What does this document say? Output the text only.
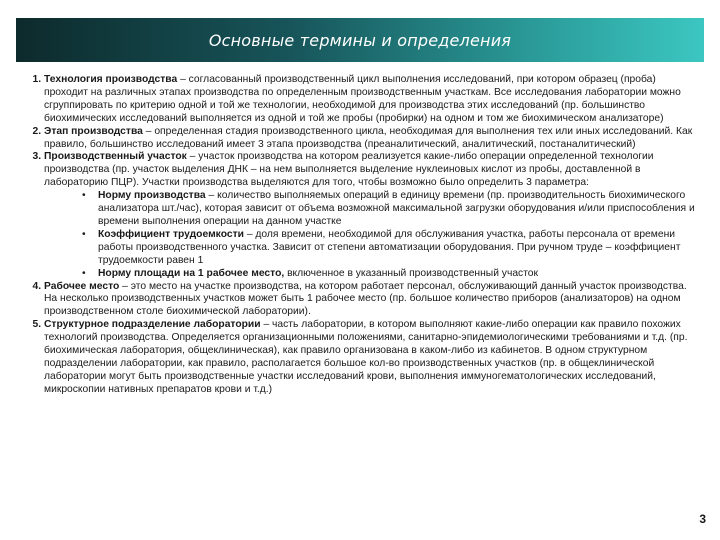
Основные термины и определения
1. Технология производства – согласованный производственный цикл выполнения исследований, при котором образец (проба) проходит на различных этапах производства по определенным производственным участкам. Все исследования лаборатории можно сгруппировать по критерию одной и той же технологии, необходимой для производства этих исследований (пр. большинство биохимических исследований выполняется из одной и той же пробы (пробирки) на одном и том же биохимическом анализаторе)
2. Этап производства – определенная стадия производственного цикла, необходимая для выполнения тех или иных исследований. Как правило, большинство исследований имеет 3 этапа производства (преаналитический, аналитический, постаналитический)
3. Производственный участок – участок производства на котором реализуется какие-либо операции определенной технологии производства (пр. участок выделения ДНК – на нем выполняется выделение нуклеиновых кислот из пробы, доставленной в лабораторию ПЦР). Участки производства выделяются для того, чтобы возможно было определить 3 параметра:
• Норму производства – количество выполняемых операций в единицу времени (пр. производительность биохимического анализатора шт./час), которая зависит от объема возможной максимальной загрузки оборудования и/или приспособления и времени выполнения операции на данном участке
• Коэффициент трудоемкости – доля времени, необходимой для обслуживания участка, работы персонала от времени работы производственного участка. Зависит от степени автоматизации оборудования. При ручном труде – коэффициент трудоемкости равен 1
• Норму площади на 1 рабочее место, включенное в указанный производственный участок
4. Рабочее место – это место на участке производства, на котором работает персонал, обслуживающий данный участок производства. На несколько производственных участков может быть 1 рабочее место (пр. большое количество приборов (анализаторов) на одном производственном столе биохимической лаборатории).
5. Структурное подразделение лаборатории – часть лаборатории, в котором выполняют какие-либо операции как правило похожих технологий производства. Определяется организационными положениями, санитарно-эпидемиологическими требованиями и т.д. (пр. биохимическая лаборатория, общеклиническая), как правило организована в каком-либо из кабинетов. В одном структурном подразделении лаборатории, как правило, располагается большое кол-во производственных участков (пр. в общеклинической лаборатории могут быть производственные участки исследований крови, выполнения иммуногематологических исследований, микроскопии нативных препаратов крови и т.д.)
3
